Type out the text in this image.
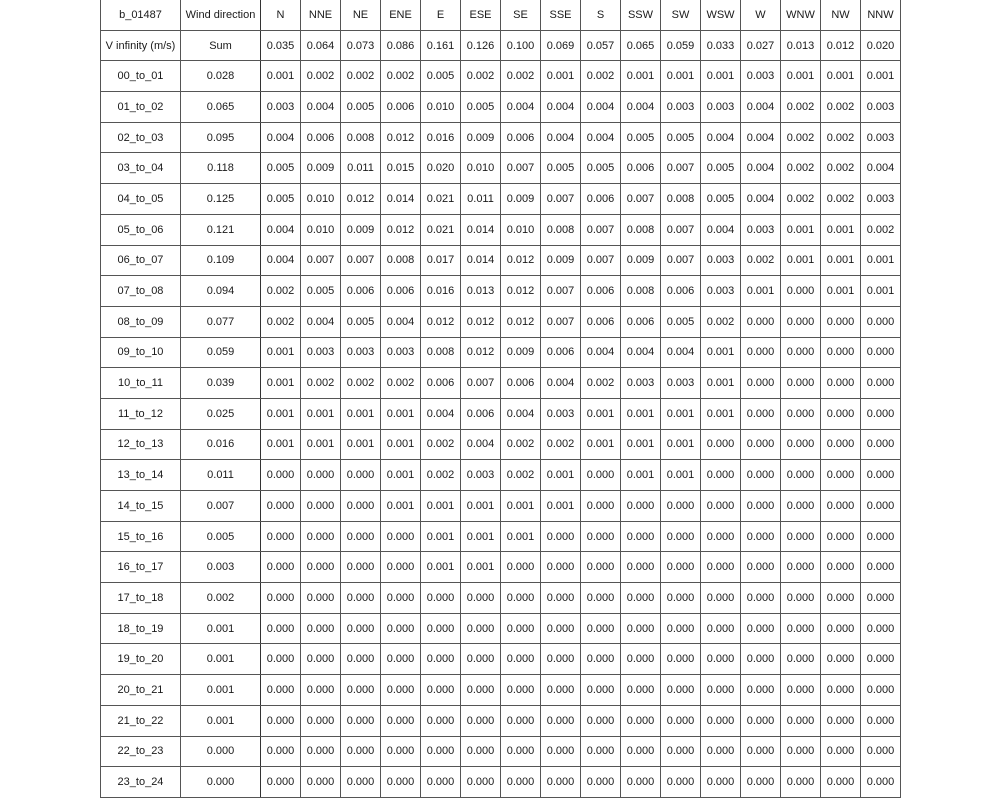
b_01487	Wind direction	N	NNE	NE	ENE	E	ESE	SE	SSE	S	SSW	SW	WSW	W	WNW	NW	NNW
V infinity (m/s)	Sum	0.035	0.064	0.073	0.086	0.161	0.126	0.100	0.069	0.057	0.065	0.059	0.033	0.027	0.013	0.012	0.020
00_to_01	0.028	0.001	0.002	0.002	0.002	0.005	0.002	0.002	0.001	0.002	0.001	0.001	0.001	0.003	0.001	0.001	0.001
01_to_02	0.065	0.003	0.004	0.005	0.006	0.010	0.005	0.004	0.004	0.004	0.004	0.003	0.003	0.004	0.002	0.002	0.003
02_to_03	0.095	0.004	0.006	0.008	0.012	0.016	0.009	0.006	0.004	0.004	0.005	0.005	0.004	0.004	0.002	0.002	0.003
03_to_04	0.118	0.005	0.009	0.011	0.015	0.020	0.010	0.007	0.005	0.005	0.006	0.007	0.005	0.004	0.002	0.002	0.004
04_to_05	0.125	0.005	0.010	0.012	0.014	0.021	0.011	0.009	0.007	0.006	0.007	0.008	0.005	0.004	0.002	0.002	0.003
05_to_06	0.121	0.004	0.010	0.009	0.012	0.021	0.014	0.010	0.008	0.007	0.008	0.007	0.004	0.003	0.001	0.001	0.002
06_to_07	0.109	0.004	0.007	0.007	0.008	0.017	0.014	0.012	0.009	0.007	0.009	0.007	0.003	0.002	0.001	0.001	0.001
07_to_08	0.094	0.002	0.005	0.006	0.006	0.016	0.013	0.012	0.007	0.006	0.008	0.006	0.003	0.001	0.000	0.001	0.001
08_to_09	0.077	0.002	0.004	0.005	0.004	0.012	0.012	0.012	0.007	0.006	0.006	0.005	0.002	0.000	0.000	0.000	0.000
09_to_10	0.059	0.001	0.003	0.003	0.003	0.008	0.012	0.009	0.006	0.004	0.004	0.004	0.001	0.000	0.000	0.000	0.000
10_to_11	0.039	0.001	0.002	0.002	0.002	0.006	0.007	0.006	0.004	0.002	0.003	0.003	0.001	0.000	0.000	0.000	0.000
11_to_12	0.025	0.001	0.001	0.001	0.001	0.004	0.006	0.004	0.003	0.001	0.001	0.001	0.001	0.000	0.000	0.000	0.000
12_to_13	0.016	0.001	0.001	0.001	0.001	0.002	0.004	0.002	0.002	0.001	0.001	0.001	0.000	0.000	0.000	0.000	0.000
13_to_14	0.011	0.000	0.000	0.000	0.001	0.002	0.003	0.002	0.001	0.000	0.001	0.001	0.000	0.000	0.000	0.000	0.000
14_to_15	0.007	0.000	0.000	0.000	0.001	0.001	0.001	0.001	0.001	0.000	0.000	0.000	0.000	0.000	0.000	0.000	0.000
15_to_16	0.005	0.000	0.000	0.000	0.000	0.001	0.001	0.001	0.000	0.000	0.000	0.000	0.000	0.000	0.000	0.000	0.000
16_to_17	0.003	0.000	0.000	0.000	0.000	0.001	0.001	0.000	0.000	0.000	0.000	0.000	0.000	0.000	0.000	0.000	0.000
17_to_18	0.002	0.000	0.000	0.000	0.000	0.000	0.000	0.000	0.000	0.000	0.000	0.000	0.000	0.000	0.000	0.000	0.000
18_to_19	0.001	0.000	0.000	0.000	0.000	0.000	0.000	0.000	0.000	0.000	0.000	0.000	0.000	0.000	0.000	0.000	0.000
19_to_20	0.001	0.000	0.000	0.000	0.000	0.000	0.000	0.000	0.000	0.000	0.000	0.000	0.000	0.000	0.000	0.000	0.000
20_to_21	0.001	0.000	0.000	0.000	0.000	0.000	0.000	0.000	0.000	0.000	0.000	0.000	0.000	0.000	0.000	0.000	0.000
21_to_22	0.001	0.000	0.000	0.000	0.000	0.000	0.000	0.000	0.000	0.000	0.000	0.000	0.000	0.000	0.000	0.000	0.000
22_to_23	0.000	0.000	0.000	0.000	0.000	0.000	0.000	0.000	0.000	0.000	0.000	0.000	0.000	0.000	0.000	0.000	0.000
23_to_24	0.000	0.000	0.000	0.000	0.000	0.000	0.000	0.000	0.000	0.000	0.000	0.000	0.000	0.000	0.000	0.000	0.000
